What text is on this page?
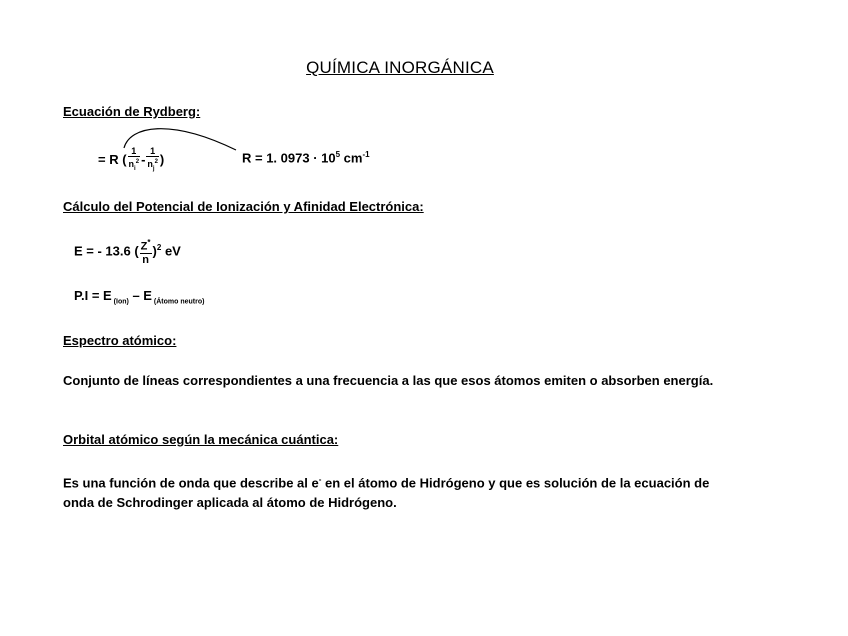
QUÍMICA INORGÁNICA
Ecuación de Rydberg:
= R ( $\frac{1}{n_i^2} - \frac{1}{n_j^2}$ )	R = 1. $0973 \cdot 10^5$ $cm^{-1}$
Cálculo del Potencial de Ionización y Afinidad Electrónica:
E = - 13.6 ( $\frac{Z^*}{n} )^2$ eV
P.I = E $_{(Ion)}$ – E $_{(Átomo neutro)}$
Espectro atómico:
Conjunto de líneas correspondientes a una frecuencia a las que esos átomos emiten o absorben energía.
Orbital atómico según la mecánica cuántica:
Es una función de onda que describe al e- en el átomo de Hidrógeno y que es solución de la ecuación de onda de Schrodinger aplicada al átomo de Hidrógeno.
